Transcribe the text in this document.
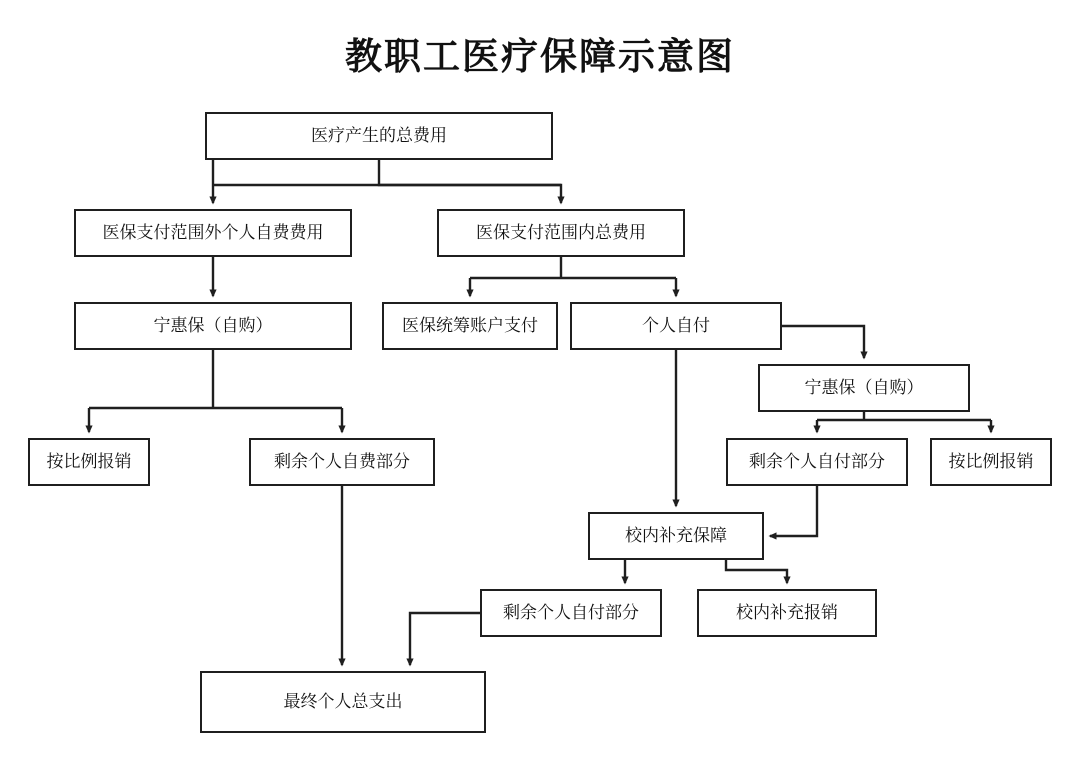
教职工医疗保障示意图
医疗产生的总费用
医保支付范围外个人自费费用	医保支付范围内总费用
宁惠保（自购）	医保统筹账户支付	个人自付
宁惠保（自购）
按比例报销	剩余个人自费部分	剩余个人自付部分	按比例报销
校内补充保障
剩余个人自付部分	校内补充报销
最终个人总支出
